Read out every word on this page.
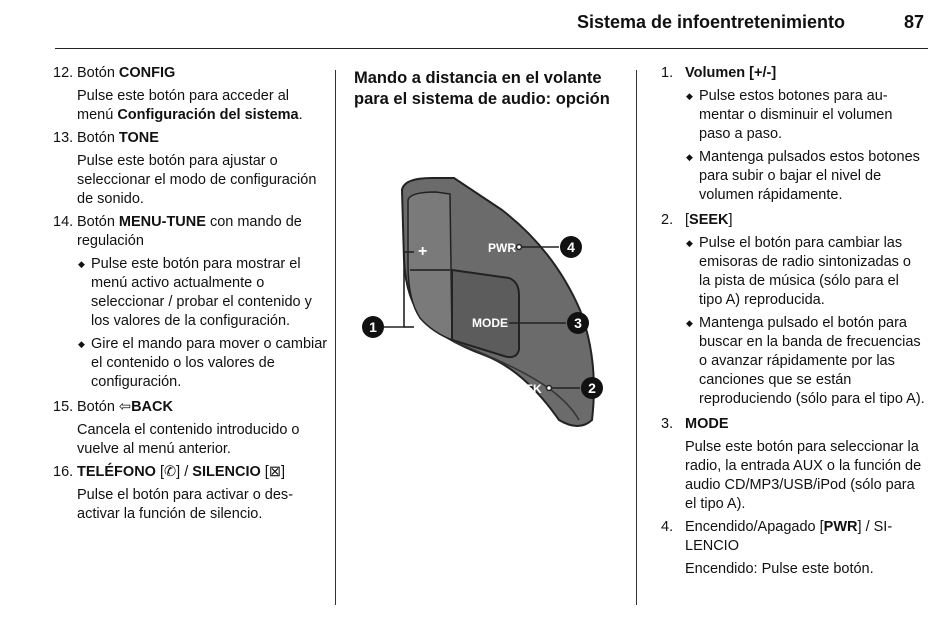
Sistema de infoentretenimiento	87
12. Botón CONFIG
Pulse este botón para acceder al menú Configuración del sistema.
13. Botón TONE
Pulse este botón para ajustar o seleccionar el modo de configuración de sonido.
14. Botón MENU-TUNE con mando de regulación
◆ Pulse este botón para mostrar el menú activo actualmente o seleccionar / probar el contenido y los valores de la configuración.
◆ Gire el mando para mover o cambiar el contenido o los valores de configuración.
15. Botón ⇦BACK
Cancela el contenido introducido o vuelve al menú anterior.
16. TELÉFONO [✆] / SILENCIO [⊠]
Pulse el botón para activar o desactivar la función de silencio.

Mando a distancia en el volante para el sistema de audio: opción

+
–
PWR
MODE
SEEK
1
4
3
2
1. Volumen [+/-]
◆ Pulse estos botones para aumentar o disminuir el volumen paso a paso.
◆ Mantenga pulsados estos botones para subir o bajar el nivel de volumen rápidamente.
2. [SEEK]
◆ Pulse el botón para cambiar las emisoras de radio sintonizadas o la pista de música (sólo para el tipo A) reproducida.
◆ Mantenga pulsado el botón para buscar en la banda de frecuencias o avanzar rápidamente por las canciones que se están reproduciendo (sólo para el tipo A).
3. MODE
Pulse este botón para seleccionar la radio, la entrada AUX o la función de audio CD/MP3/USB/iPod (sólo para el tipo A).
4. Encendido/Apagado [PWR] / SILENCIO
Encendido: Pulse este botón.
